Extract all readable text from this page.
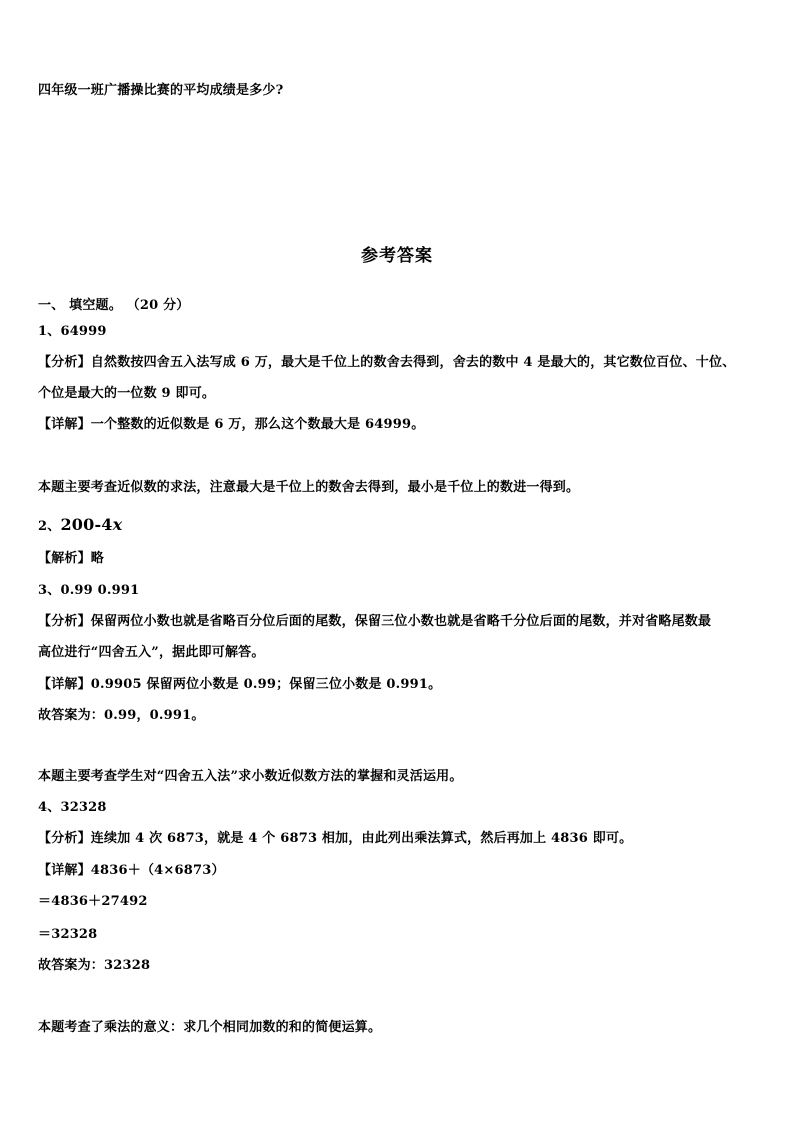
四年级一班广播操比赛的平均成绩是多少?
参考答案
一、 填空题。 （20 分）
1、64999
【分析】自然数按四舍五入法写成 6 万，最大是千位上的数舍去得到，舍去的数中 4 是最大的，其它数位百位、十位、
个位是最大的一位数 9 即可。
【详解】一个整数的近似数是 6 万，那么这个数最大是 64999。
本题主要考查近似数的求法，注意最大是千位上的数舍去得到，最小是千位上的数进一得到。
2、200-4x
【解析】略
3、0.99 0.991
【分析】保留两位小数也就是省略百分位后面的尾数，保留三位小数也就是省略千分位后面的尾数，并对省略尾数最
高位进行“四舍五入”，据此即可解答。
【详解】0.9905 保留两位小数是 0.99；保留三位小数是 0.991。
故答案为：0.99，0.991。
本题主要考查学生对“四舍五入法”求小数近似数方法的掌握和灵活运用。
4、32328
【分析】连续加 4 次 6873，就是 4 个 6873 相加，由此列出乘法算式，然后再加上 4836 即可。
【详解】4836＋（4×6873）
＝4836＋27492
＝32328
故答案为：32328
本题考查了乘法的意义：求几个相同加数的和的简便运算。
